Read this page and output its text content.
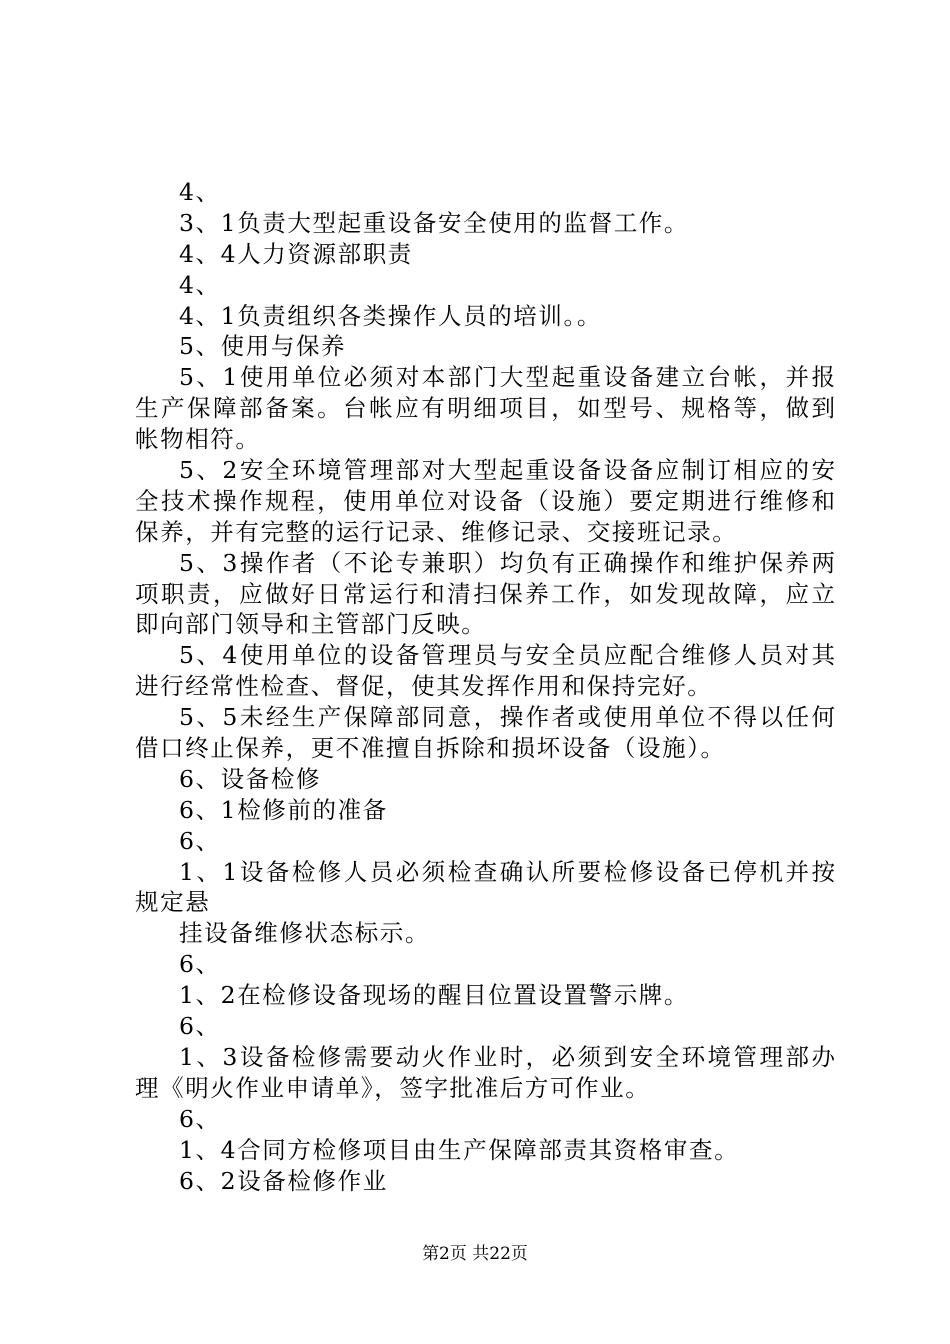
4、
3、1负责大型起重设备安全使用的监督工作。
4、4人力资源部职责
4、
4、1负责组织各类操作人员的培训。。
5、使用与保养
5、1使用单位必须对本部门大型起重设备建立台帐，并报
生产保障部备案。台帐应有明细项目，如型号、规格等，做到
帐物相符。
5、2安全环境管理部对大型起重设备设备应制订相应的安
全技术操作规程，使用单位对设备（设施）要定期进行维修和
保养，并有完整的运行记录、维修记录、交接班记录。
5、3操作者（不论专兼职）均负有正确操作和维护保养两
项职责，应做好日常运行和清扫保养工作，如发现故障，应立
即向部门领导和主管部门反映。
5、4使用单位的设备管理员与安全员应配合维修人员对其
进行经常性检查、督促，使其发挥作用和保持完好。
5、5未经生产保障部同意，操作者或使用单位不得以任何
借口终止保养，更不准擅自拆除和损坏设备（设施）。
6、设备检修
6、1检修前的准备
6、
1、1设备检修人员必须检查确认所要检修设备已停机并按
规定悬
挂设备维修状态标示。
6、
1、2在检修设备现场的醒目位置设置警示牌。
6、
1、3设备检修需要动火作业时，必须到安全环境管理部办
理《明火作业申请单》，签字批准后方可作业。
6、
1、4合同方检修项目由生产保障部责其资格审查。
6、2设备检修作业
第2页 共22页
